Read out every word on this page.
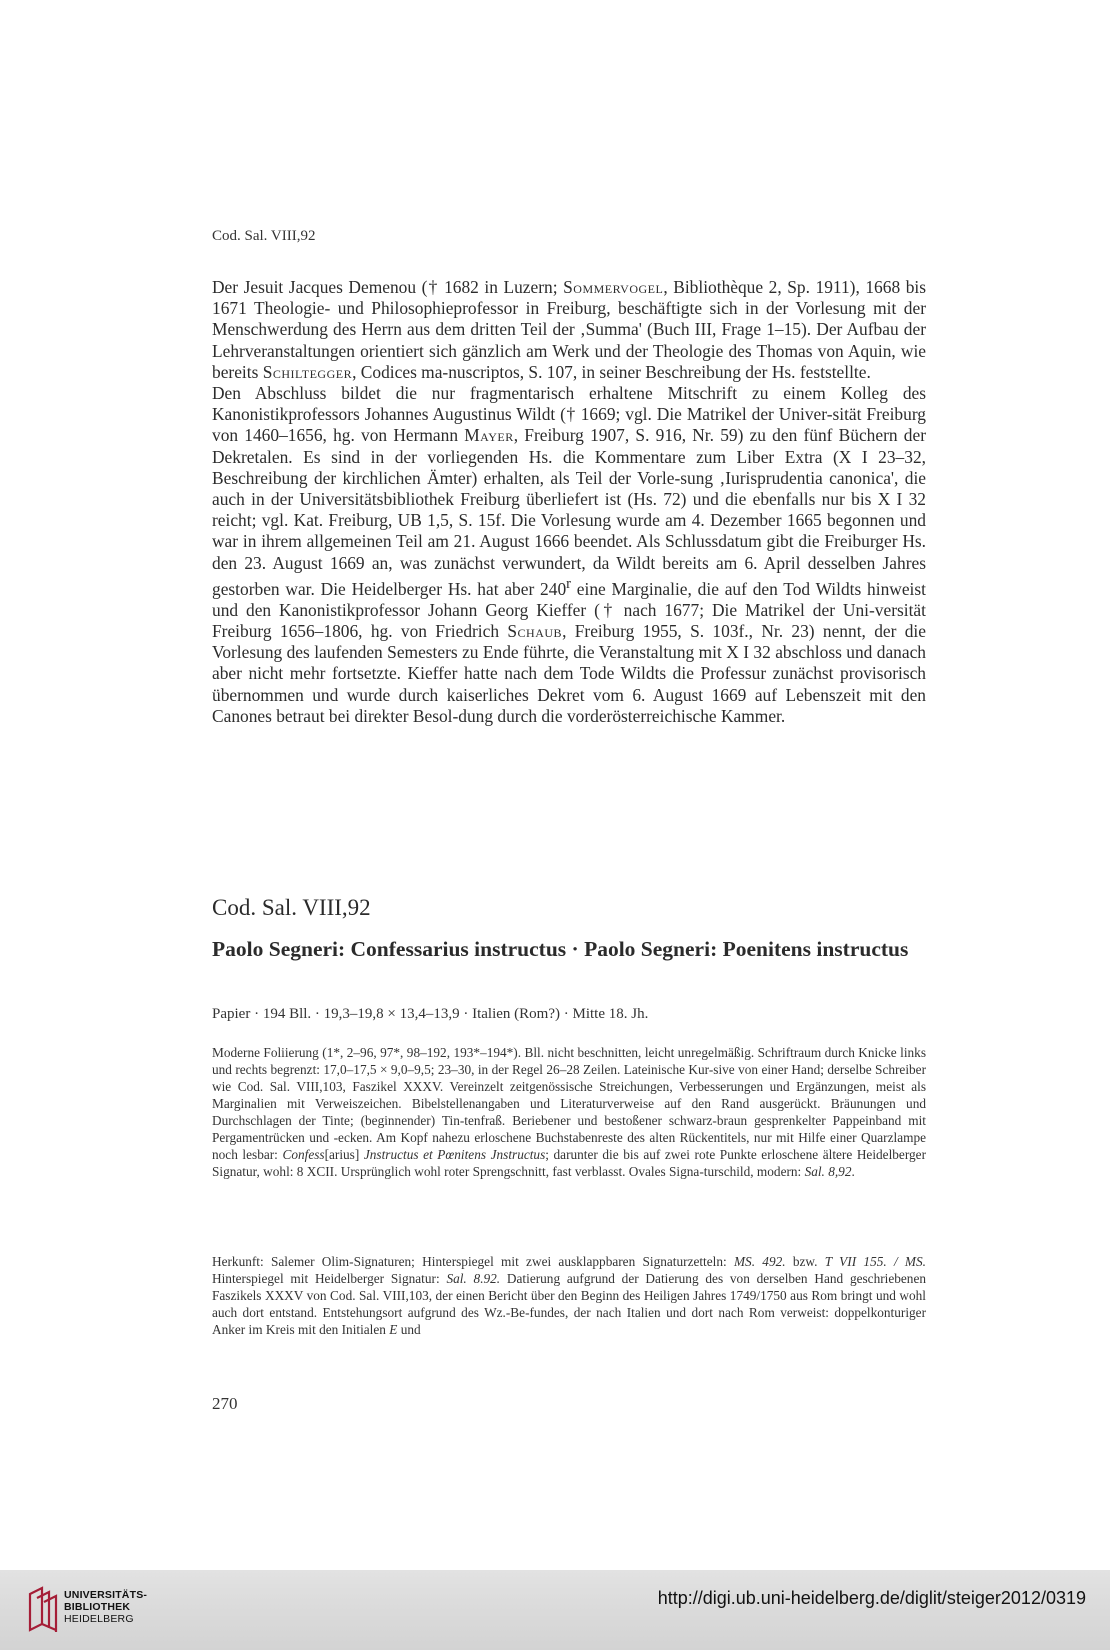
Cod. Sal. VIII,92

Der Jesuit Jacques Demenou († 1682 in Luzern; Sommervogel, Bibliothèque 2, Sp. 1911), 1668 bis 1671 Theologie- und Philosophieprofessor in Freiburg, beschäftigte sich in der Vorlesung mit der Menschwerdung des Herrn aus dem dritten Teil der ‚Summa' (Buch III, Frage 1–15). Der Aufbau der Lehrveranstaltungen orientiert sich gänzlich am Werk und der Theologie des Thomas von Aquin, wie bereits Schiltegger, Codices ma-nuscriptos, S. 107, in seiner Beschreibung der Hs. feststellte.

Den Abschluss bildet die nur fragmentarisch erhaltene Mitschrift zu einem Kolleg des Kanonistikprofessors Johannes Augustinus Wildt († 1669; vgl. Die Matrikel der Univer-sität Freiburg von 1460–1656, hg. von Hermann Mayer, Freiburg 1907, S. 916, Nr. 59) zu den fünf Büchern der Dekretalen. Es sind in der vorliegenden Hs. die Kommentare zum Liber Extra (X I 23–32, Beschreibung der kirchlichen Ämter) erhalten, als Teil der Vorle-sung ‚Iurisprudentia canonica', die auch in der Universitätsbibliothek Freiburg überliefert ist (Hs. 72) und die ebenfalls nur bis X I 32 reicht; vgl. Kat. Freiburg, UB 1,5, S. 15f. Die Vorlesung wurde am 4. Dezember 1665 begonnen und war in ihrem allgemeinen Teil am 21. August 1666 beendet. Als Schlussdatum gibt die Freiburger Hs. den 23. August 1669 an, was zunächst verwundert, da Wildt bereits am 6. April desselben Jahres gestorben war. Die Heidelberger Hs. hat aber 240$^r$ eine Marginalie, die auf den Tod Wildts hinweist und den Kanonistikprofessor Johann Georg Kieffer († nach 1677; Die Matrikel der Uni-versität Freiburg 1656–1806, hg. von Friedrich Schaub, Freiburg 1955, S. 103f., Nr. 23) nennt, der die Vorlesung des laufenden Semesters zu Ende führte, die Veranstaltung mit X I 32 abschloss und danach aber nicht mehr fortsetzte. Kieffer hatte nach dem Tode Wildts die Professur zunächst provisorisch übernommen und wurde durch kaiserliches Dekret vom 6. August 1669 auf Lebenszeit mit den Canones betraut bei direkter Besol-dung durch die vorderösterreichische Kammer.

Cod. Sal. VIII,92
Paolo Segneri: Confessarius instructus · Paolo Segneri: Poenitens instructus
Papier · 194 Bll. · 19,3–19,8 × 13,4–13,9 · Italien (Rom?) · Mitte 18. Jh.

Moderne Foliierung (1*, 2–96, 97*, 98–192, 193*–194*). Bll. nicht beschnitten, leicht unregelmäßig. Schriftraum durch Knicke links und rechts begrenzt: 17,0–17,5 × 9,0–9,5; 23–30, in der Regel 26–28 Zeilen. Lateinische Kur-sive von einer Hand; derselbe Schreiber wie Cod. Sal. VIII,103, Faszikel XXXV. Vereinzelt zeitgenössische Streichungen, Verbesserungen und Ergänzungen, meist als Marginalien mit Verweiszeichen. Bibelstellenangaben und Literaturverweise auf den Rand ausgerückt. Bräunungen und Durchschlagen der Tinte; (beginnender) Tin-tenfraß. Beriebener und bestoßener schwarz-braun gesprenkelter Pappeinband mit Pergamentrücken und -ecken. Am Kopf nahezu erloschene Buchstabenreste des alten Rückentitels, nur mit Hilfe einer Quarzlampe noch lesbar: Confess[arius] Jnstructus et Pœnitens Jnstructus; darunter die bis auf zwei rote Punkte erloschene ältere Heidelberger Signatur, wohl: 8 XCII. Ursprünglich wohl roter Sprengschnitt, fast verblasst. Ovales Signa-turschild, modern: Sal. 8,92.

Herkunft: Salemer Olim-Signaturen; Hinterspiegel mit zwei ausklappbaren Signaturzetteln: MS. 492. bzw. T VII 155. / MS. Hinterspiegel mit Heidelberger Signatur: Sal. 8.92. Datierung aufgrund der Datierung des von derselben Hand geschriebenen Faszikels XXXV von Cod. Sal. VIII,103, der einen Bericht über den Beginn des Heiligen Jahres 1749/1750 aus Rom bringt und wohl auch dort entstand. Entstehungsort aufgrund des Wz.-Be-fundes, der nach Italien und dort nach Rom verweist: doppelkonturiger Anker im Kreis mit den Initialen E und

270
UNIVERSITÄTS-
BIBLIOTHEK
HEIDELBERG
http://digi.ub.uni-heidelberg.de/diglit/steiger2012/0319
